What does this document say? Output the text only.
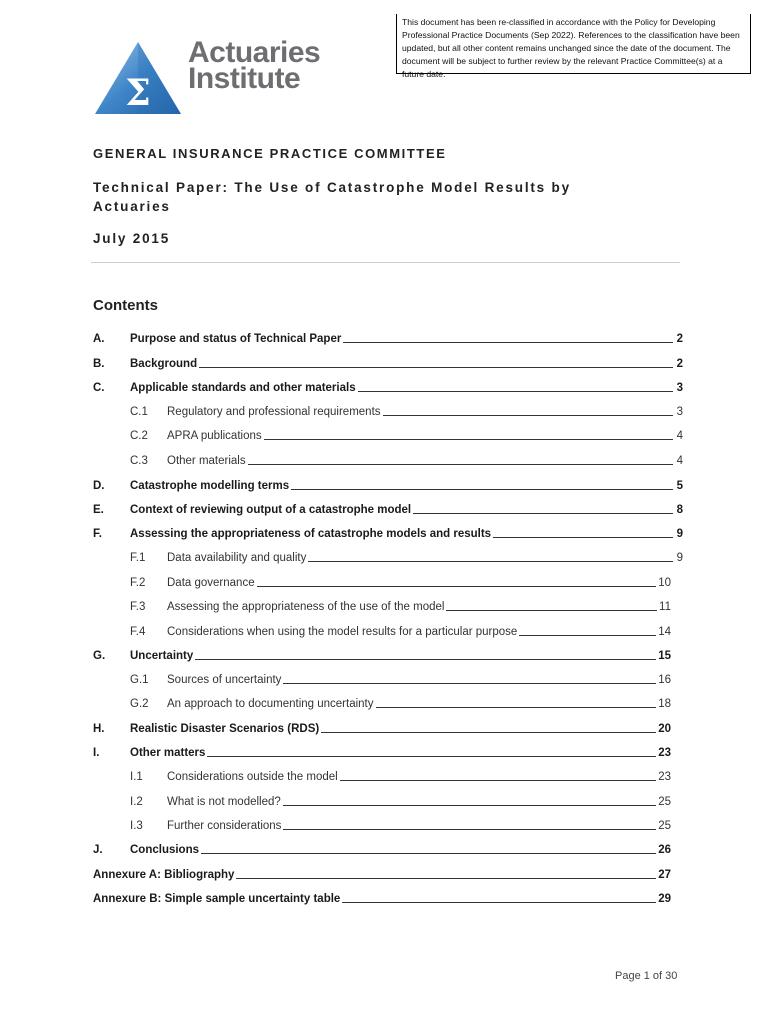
Σ
Actuaries
Institute
This document has been re-classified in accordance with the Policy for Developing Professional Practice Documents (Sep 2022). References to the classification have been updated, but all other content remains unchanged since the date of the document. The document will be subject to further review by the relevant Practice Committee(s) at a future date.
GENERAL INSURANCE PRACTICE COMMITTEE
Technical Paper: The Use of Catastrophe Model Results by Actuaries
July 2015
Contents
A.	Purpose and status of Technical Paper	2
B.	Background	2
C.	Applicable standards and other materials	3
C.1	Regulatory and professional requirements	3
C.2	APRA publications	4
C.3	Other materials	4
D.	Catastrophe modelling terms	5
E.	Context of reviewing output of a catastrophe model	8
F.	Assessing the appropriateness of catastrophe models and results	9
F.1	Data availability and quality	9
F.2	Data governance	10
F.3	Assessing the appropriateness of the use of the model	11
F.4	Considerations when using the model results for a particular purpose	14
G.	Uncertainty	15
G.1	Sources of uncertainty	16
G.2	An approach to documenting uncertainty	18
H.	Realistic Disaster Scenarios (RDS)	20
I.	Other matters	23
I.1	Considerations outside the model	23
I.2	What is not modelled?	25
I.3	Further considerations	25
J.	Conclusions	26
Annexure A: Bibliography	27
Annexure B: Simple sample uncertainty table	29
Page 1 of 30
